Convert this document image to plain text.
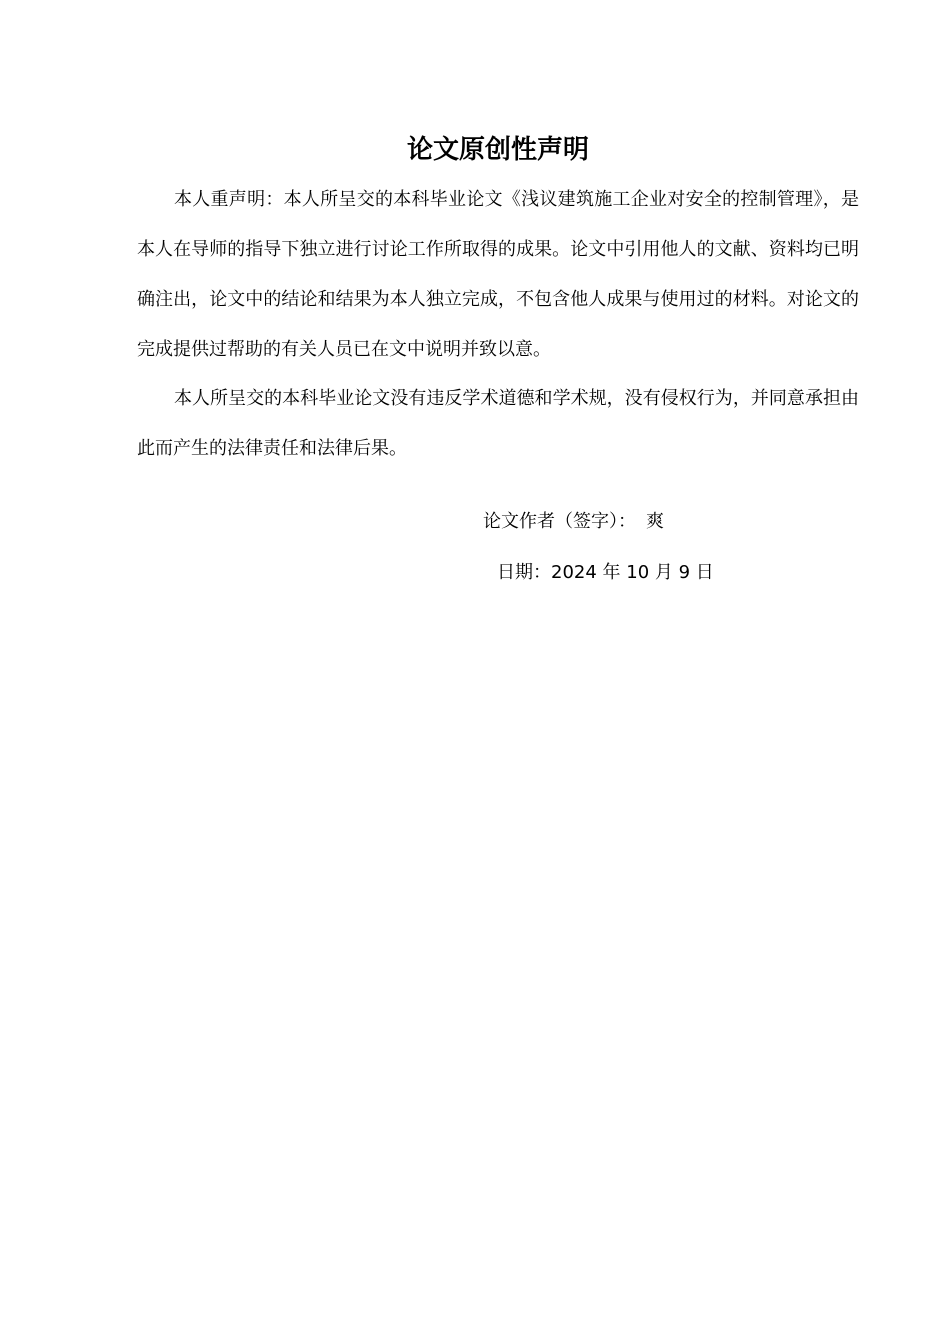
论文原创性声明

本人重声明：本人所呈交的本科毕业论文《浅议建筑施工企业对安全的控制管理》，是本人在导师的指导下独立进行讨论工作所取得的成果。论文中引用他人的文献、资料均已明确注出，论文中的结论和结果为本人独立完成，不包含他人成果与使用过的材料。对论文的完成提供过帮助的有关人员已在文中说明并致以意。

本人所呈交的本科毕业论文没有违反学术道德和学术规，没有侵权行为，并同意承担由此而产生的法律责任和法律后果。

论文作者（签字）： 爽
日期：2024 年 10 月 9 日
